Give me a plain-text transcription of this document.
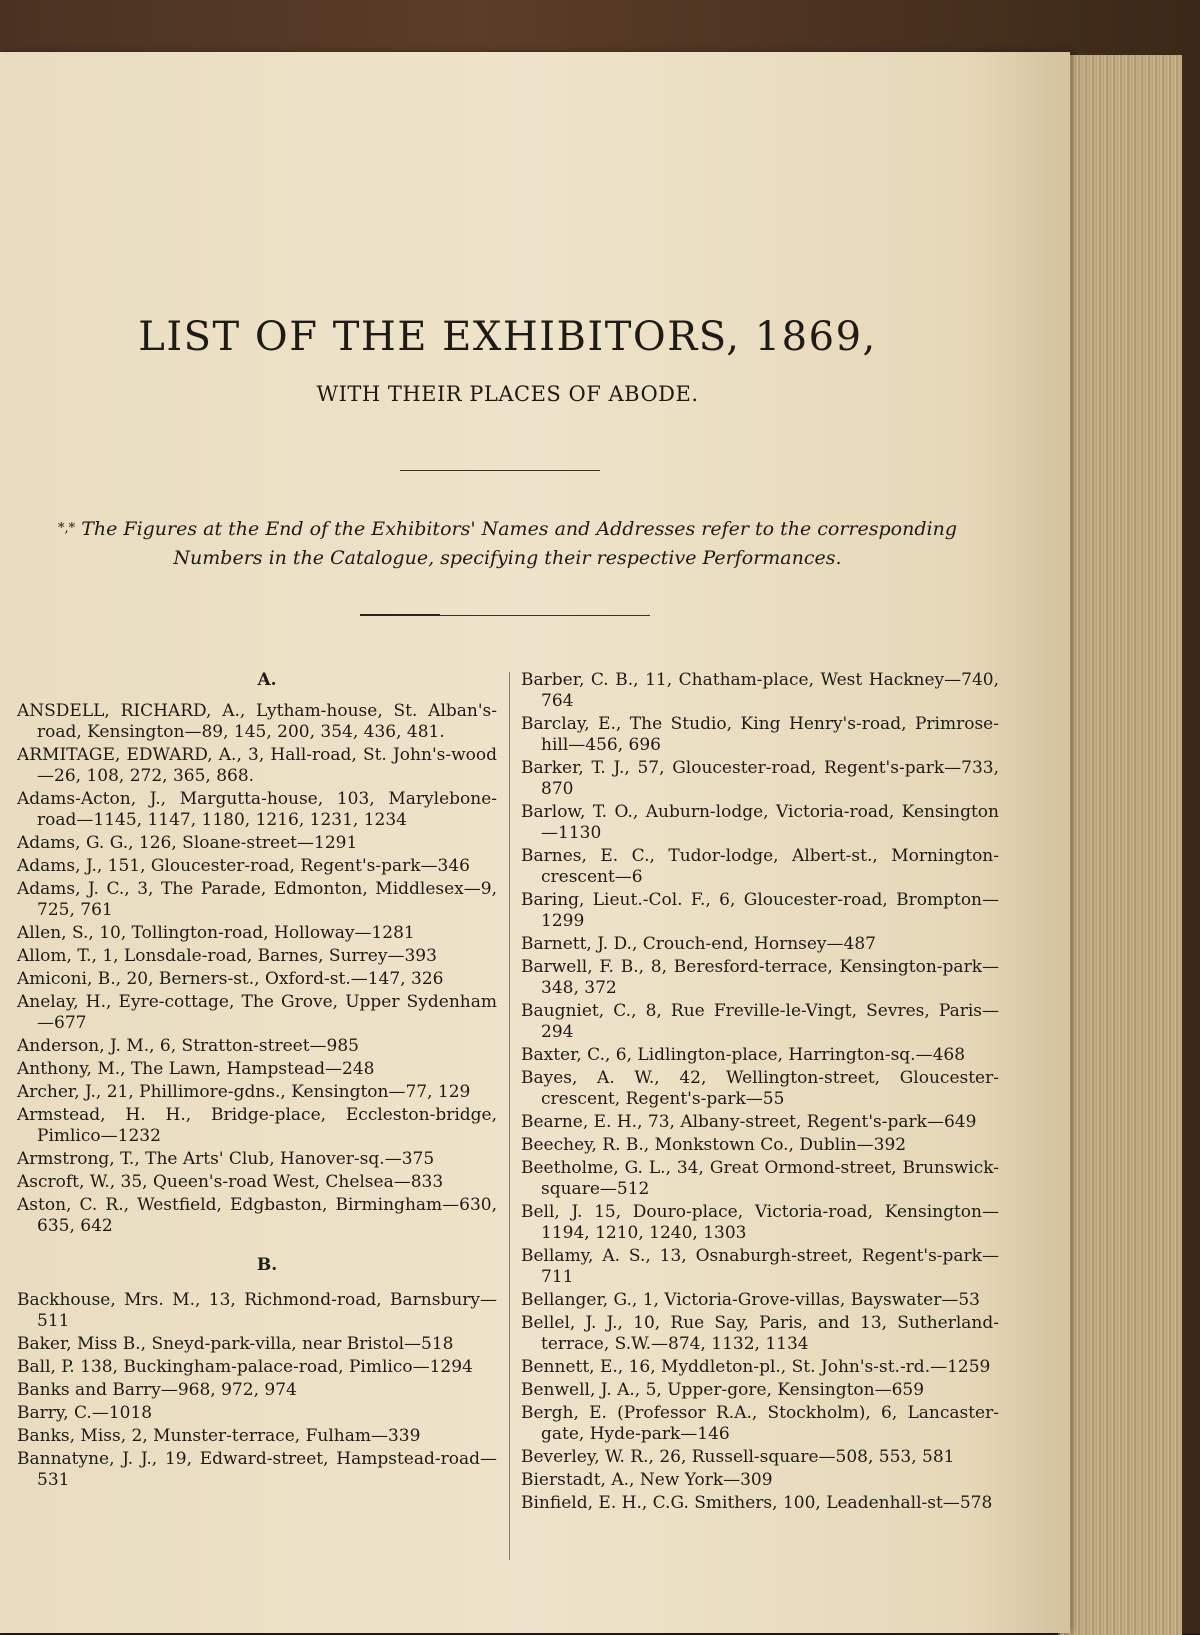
LIST OF THE EXHIBITORS, 1869,
WITH THEIR PLACES OF ABODE.
*,* The Figures at the End of the Exhibitors' Names and Addresses refer to the corresponding Numbers in the Catalogue, specifying their respective Performances.
A.

ANSDELL, RICHARD, A., Lytham-house, St. Alban's-road, Kensington—89, 145, 200, 354, 436, 481.

ARMITAGE, EDWARD, A., 3, Hall-road, St. John's-wood—26, 108, 272, 365, 868.

Adams-Acton, J., Margutta-house, 103, Marylebone-road—1145, 1147, 1180, 1216, 1231, 1234

Adams, G. G., 126, Sloane-street—1291

Adams, J., 151, Gloucester-road, Regent's-park—346

Adams, J. C., 3, The Parade, Edmonton, Middlesex—9, 725, 761

Allen, S., 10, Tollington-road, Holloway—1281

Allom, T., 1, Lonsdale-road, Barnes, Surrey—393

Amiconi, B., 20, Berners-st., Oxford-st.—147, 326

Anelay, H., Eyre-cottage, The Grove, Upper Sydenham—677

Anderson, J. M., 6, Stratton-street—985

Anthony, M., The Lawn, Hampstead—248

Archer, J., 21, Phillimore-gdns., Kensington—77, 129

Armstead, H. H., Bridge-place, Eccleston-bridge, Pimlico—1232

Armstrong, T., The Arts' Club, Hanover-sq.—375

Ascroft, W., 35, Queen's-road West, Chelsea—833

Aston, C. R., Westfield, Edgbaston, Birmingham—630, 635, 642

B.

Backhouse, Mrs. M., 13, Richmond-road, Barnsbury—511

Baker, Miss B., Sneyd-park-villa, near Bristol—518

Ball, P. 138, Buckingham-palace-road, Pimlico—1294

Banks and Barry—968, 972, 974

Barry, C.—1018

Banks, Miss, 2, Munster-terrace, Fulham—339

Bannatyne, J. J., 19, Edward-street, Hampstead-road—531

Barber, C. B., 11, Chatham-place, West Hackney—740, 764

Barclay, E., The Studio, King Henry's-road, Primrose-hill—456, 696

Barker, T. J., 57, Gloucester-road, Regent's-park—733, 870

Barlow, T. O., Auburn-lodge, Victoria-road, Kensington—1130

Barnes, E. C., Tudor-lodge, Albert-st., Mornington-crescent—6

Baring, Lieut.-Col. F., 6, Gloucester-road, Brompton—1299

Barnett, J. D., Crouch-end, Hornsey—487

Barwell, F. B., 8, Beresford-terrace, Kensington-park—348, 372

Baugniet, C., 8, Rue Freville-le-Vingt, Sevres, Paris—294

Baxter, C., 6, Lidlington-place, Harrington-sq.—468

Bayes, A. W., 42, Wellington-street, Gloucester-crescent, Regent's-park—55

Bearne, E. H., 73, Albany-street, Regent's-park—649

Beechey, R. B., Monkstown Co., Dublin—392

Beetholme, G. L., 34, Great Ormond-street, Brunswick-square—512

Bell, J. 15, Douro-place, Victoria-road, Kensington—1194, 1210, 1240, 1303

Bellamy, A. S., 13, Osnaburgh-street, Regent's-park—711

Bellanger, G., 1, Victoria-Grove-villas, Bayswater—53

Bellel, J. J., 10, Rue Say, Paris, and 13, Sutherland-terrace, S.W.—874, 1132, 1134

Bennett, E., 16, Myddleton-pl., St. John's-st.-rd.—1259

Benwell, J. A., 5, Upper-gore, Kensington—659

Bergh, E. (Professor R.A., Stockholm), 6, Lancaster-gate, Hyde-park—146

Beverley, W. R., 26, Russell-square—508, 553, 581

Bierstadt, A., New York—309

Binfield, E. H., C.G. Smithers, 100, Leadenhall-st—578
